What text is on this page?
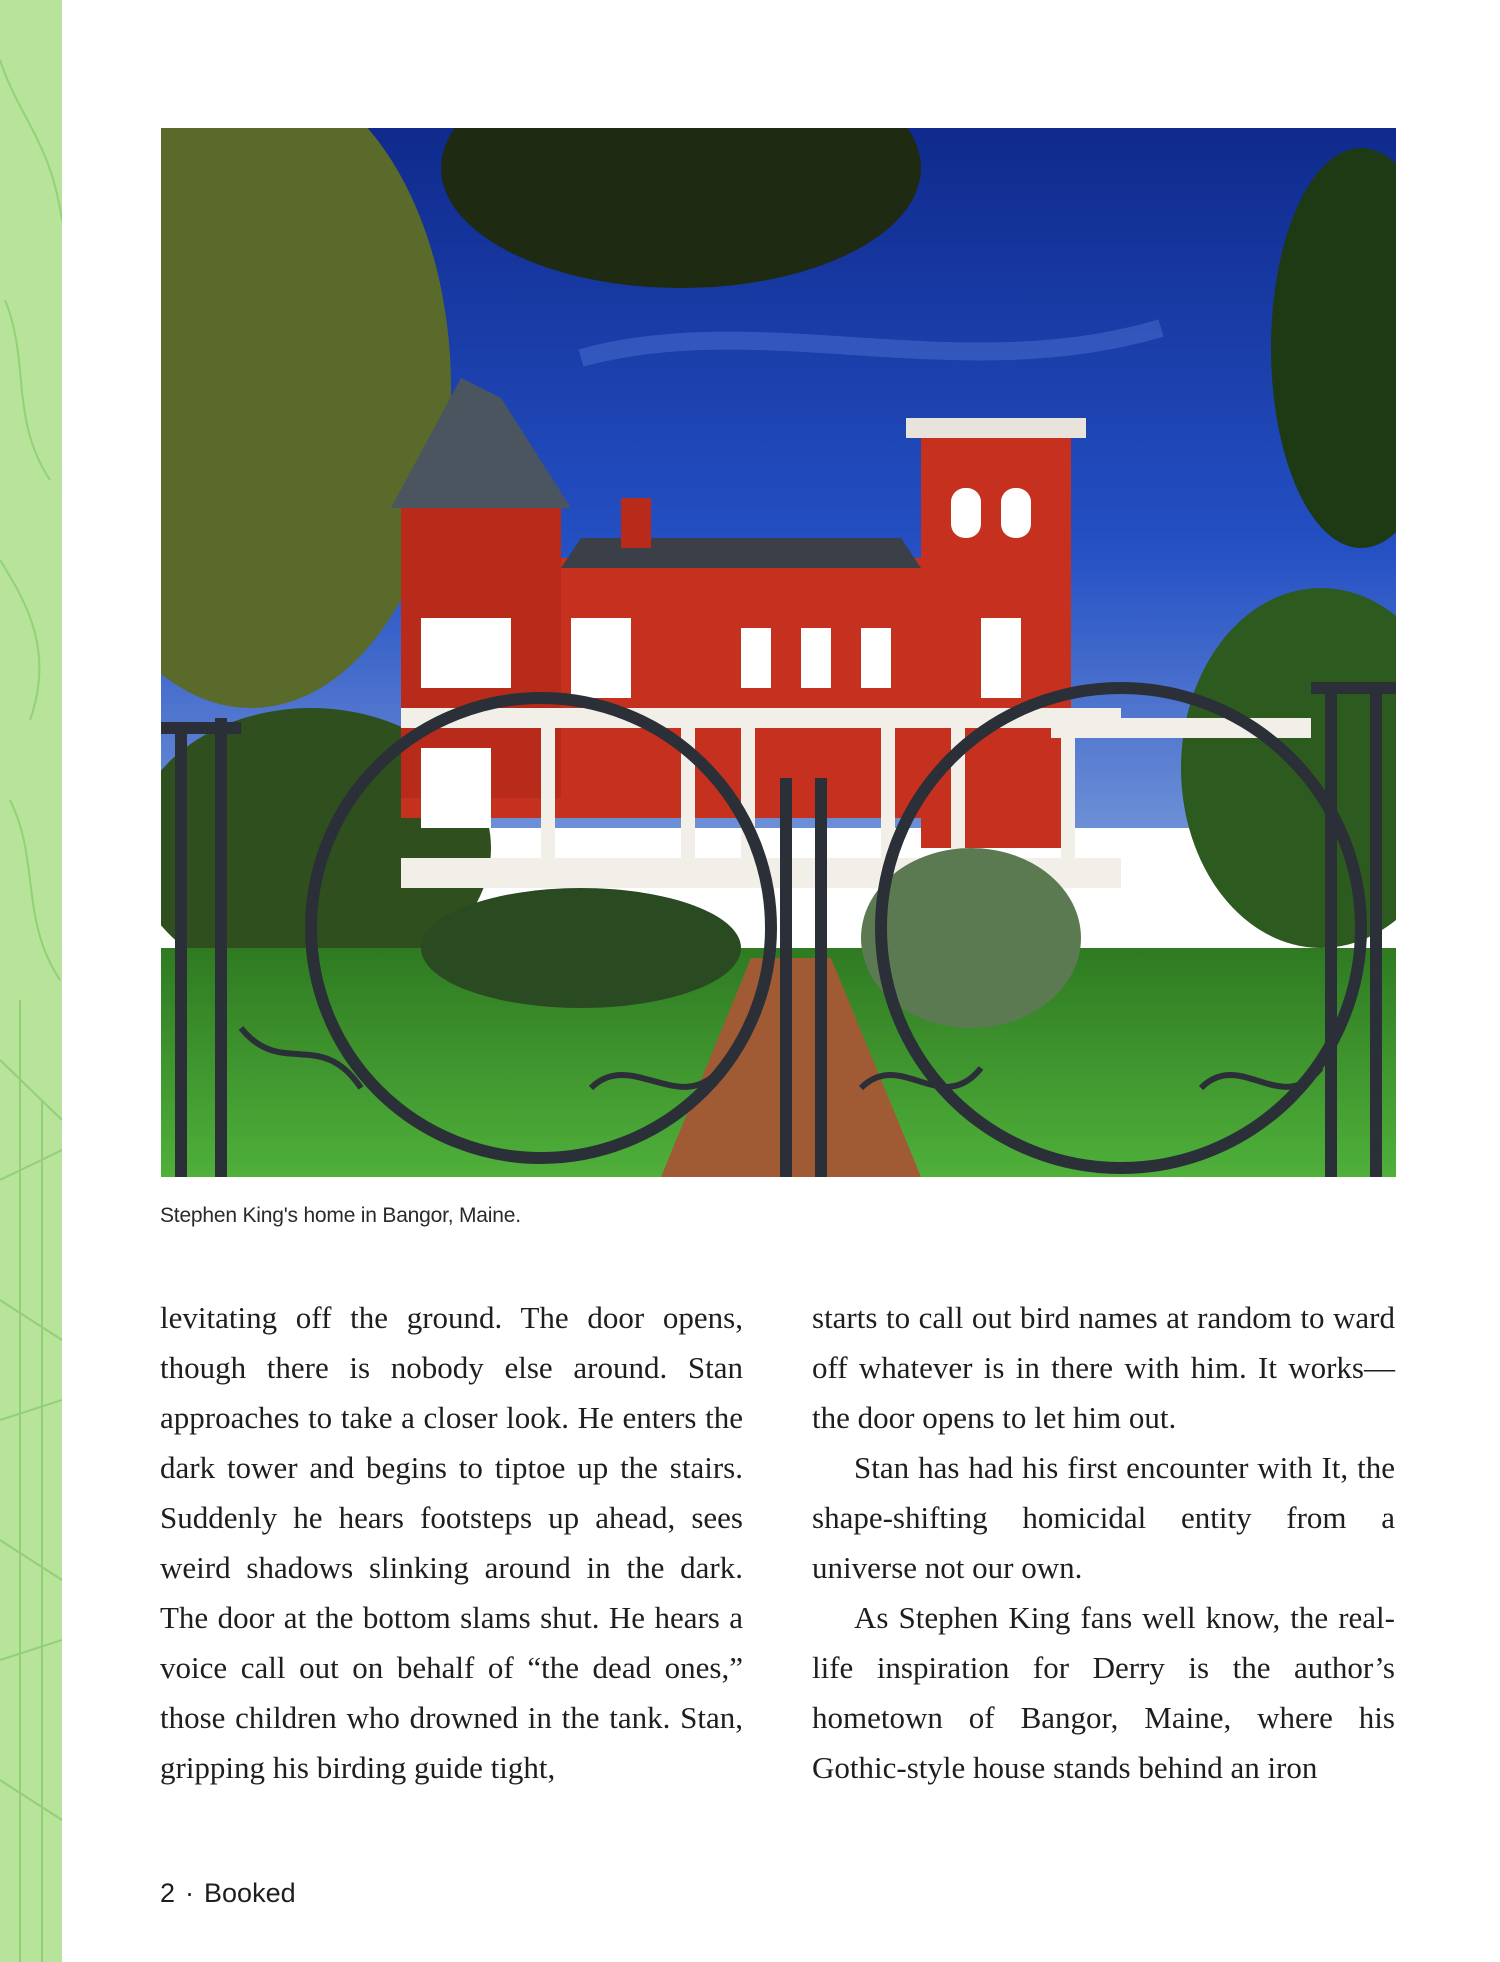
Stephen King's home in Bangor, Maine.

levitating off the ground. The door opens, though there is nobody else around. Stan approaches to take a closer look. He enters the dark tower and begins to tiptoe up the stairs. Suddenly he hears footsteps up ahead, sees weird shadows slinking around in the dark. The door at the bottom slams shut. He hears a voice call out on behalf of “the dead ones,” those children who drowned in the tank. Stan, gripping his birding guide tight,

starts to call out bird names at random to ward off whatever is in there with him. It works—the door opens to let him out.

Stan has had his first encounter with It, the shape-shifting homicidal entity from a universe not our own.

As Stephen King fans well know, the real-life inspiration for Derry is the author’s hometown of Bangor, Maine, where his Gothic-style house stands behind an iron

2 · Booked
